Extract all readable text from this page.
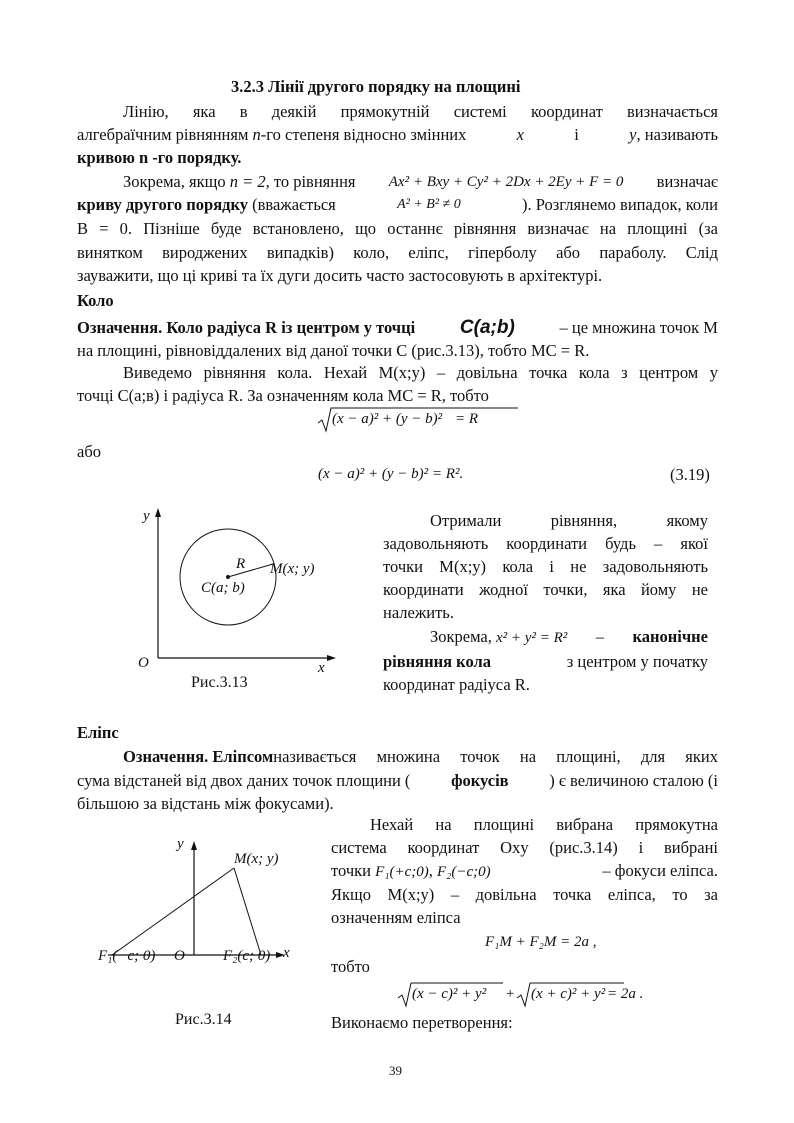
3.2.3 Лінії другого порядку на площині
Лінію, яка в деякій прямокутній системі координат визначається
алгебраїчним рівнянням n-го степеня відносно змінних	x	і	y, називають
кривою n -го порядку.
Зокрема, якщо n = 2, то рівняння Ax² + Bxy + Cy² + 2Dx + 2Ey + F = 0 визначає
криву другого порядку (вважається	A² + B² ≠ 0	). Розглянемо випадок, коли
B = 0. Пізніше буде встановлено, що останнє рівняння визначає на площині (за
винятком вироджених випадків) коло, еліпс, гіперболу або параболу. Слід
зауважити, що ці криві та їх дуги досить часто застосовують в архітектурі.
Коло
Означення. Коло радіуса R із центром у точці C(a;b)	– це множина точок M
на площині, рівновіддалених від даної точки C (рис.3.13), тобто MC = R.
Виведемо рівняння кола. Нехай M(x;y) – довільна точка кола з центром у
точці C(a;в) і радіуса R. За означенням кола MC = R, тобто
(x − a)² + (y − b)² = R
або
(x − a)² + (y − b)² = R².	(3.19)
y
x
O
R M(x; y)
C(a; b)
Рис.3.13
Отримали рівняння, якому
задовольняють координати будь – якої
точки M(x;y) кола і не задовольняють
координати жодної точки, яка йому не
належить.
Зокрема, x² + y² = R² – канонічне
рівняння кола	з центром у початку
координат радіуса R.
Еліпс
Означення. Еліпсом називається множина точок на площині, для яких
сума відстаней від двох даних точок площини ( фокусів ) є величиною сталою (і
більшою за відстань між фокусами).
Нехай на площині вибрана прямокутна
система координат Oxy (рис.3.14) і вибрані
точки F₁(+c;0), F₂(−c;0)	– фокуси еліпса.
Якщо M(x;y) – довільна точка еліпса, то за
означенням еліпса
F₁M + F₂M = 2a ,
тобто
(x − c)² + y² + (x + c)² + y² = 2a .
Виконаємо перетворення:
y
x
O
M(x; y)
F₁(−c; 0)	F₂(c; 0)
Рис.3.14
39
